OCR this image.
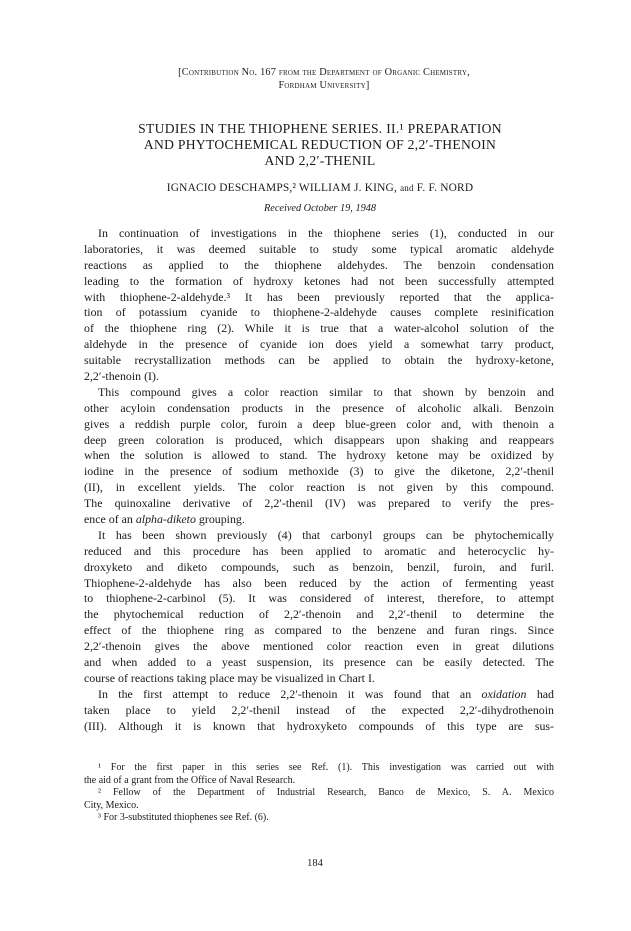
[Contribution No. 167 from the Department of Organic Chemistry,
Fordham University]
STUDIES IN THE THIOPHENE SERIES. II.¹ PREPARATION
AND PHYTOCHEMICAL REDUCTION OF 2,2′-THENOIN
AND 2,2′-THENIL
IGNACIO DESCHAMPS,² WILLIAM J. KING, and F. F. NORD
Received October 19, 1948
In continuation of investigations in the thiophene series (1), conducted in our
laboratories, it was deemed suitable to study some typical aromatic aldehyde
reactions as applied to the thiophene aldehydes. The benzoin condensation
leading to the formation of hydroxy ketones had not been successfully attempted
with thiophene-2-aldehyde.³ It has been previously reported that the applica-
tion of potassium cyanide to thiophene-2-aldehyde causes complete resinification
of the thiophene ring (2). While it is true that a water-alcohol solution of the
aldehyde in the presence of cyanide ion does yield a somewhat tarry product,
suitable recrystallization methods can be applied to obtain the hydroxy-ketone,
2,2′-thenoin (I).
This compound gives a color reaction similar to that shown by benzoin and
other acyloin condensation products in the presence of alcoholic alkali. Benzoin
gives a reddish purple color, furoin a deep blue-green color and, with thenoin a
deep green coloration is produced, which disappears upon shaking and reappears
when the solution is allowed to stand. The hydroxy ketone may be oxidized by
iodine in the presence of sodium methoxide (3) to give the diketone, 2,2′-thenil
(II), in excellent yields. The color reaction is not given by this compound.
The quinoxaline derivative of 2,2′-thenil (IV) was prepared to verify the pres-
ence of an alpha-diketo grouping.
It has been shown previously (4) that carbonyl groups can be phytochemically
reduced and this procedure has been applied to aromatic and heterocyclic hy-
droxyketo and diketo compounds, such as benzoin, benzil, furoin, and furil.
Thiophene-2-aldehyde has also been reduced by the action of fermenting yeast
to thiophene-2-carbinol (5). It was considered of interest, therefore, to attempt
the phytochemical reduction of 2,2′-thenoin and 2,2′-thenil to determine the
effect of the thiophene ring as compared to the benzene and furan rings. Since
2,2′-thenoin gives the above mentioned color reaction even in great dilutions
and when added to a yeast suspension, its presence can be easily detected. The
course of reactions taking place may be visualized in Chart I.
In the first attempt to reduce 2,2′-thenoin it was found that an oxidation had
taken place to yield 2,2′-thenil instead of the expected 2,2′-dihydrothenoin
(III). Although it is known that hydroxyketo compounds of this type are sus-
¹ For the first paper in this series see Ref. (1). This investigation was carried out with
the aid of a grant from the Office of Naval Research.
² Fellow of the Department of Industrial Research, Banco de Mexico, S. A. Mexico
City, Mexico.
³ For 3-substituted thiophenes see Ref. (6).
184
